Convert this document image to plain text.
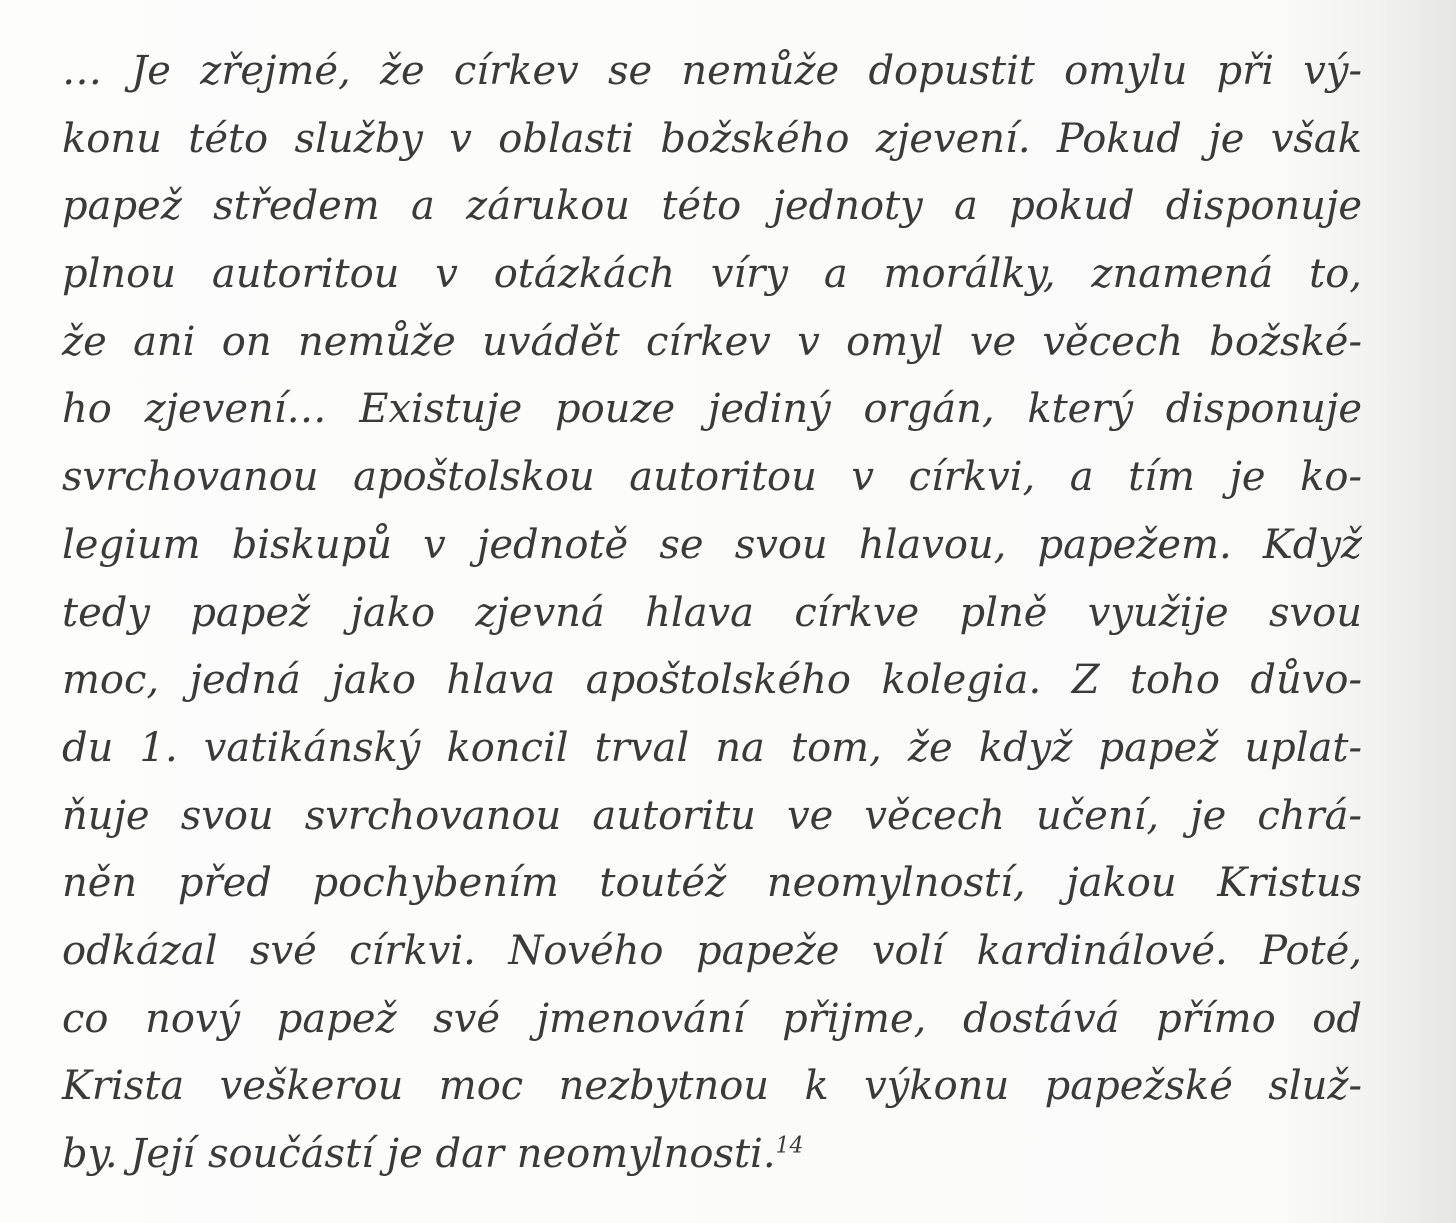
… Je zřejmé, že církev se nemůže dopustit omylu při vý-
konu této služby v oblasti božského zjevení. Pokud je však
papež středem a zárukou této jednoty a pokud disponuje
plnou autoritou v otázkách víry a morálky, znamená to,
že ani on nemůže uvádět církev v omyl ve věcech božské-
ho zjevení… Existuje pouze jediný orgán, který disponuje
svrchovanou apoštolskou autoritou v církvi, a tím je ko-
legium biskupů v jednotě se svou hlavou, papežem. Když
tedy papež jako zjevná hlava církve plně využije svou
moc, jedná jako hlava apoštolského kolegia. Z toho důvo-
du 1. vatikánský koncil trval na tom, že když papež uplat-
ňuje svou svrchovanou autoritu ve věcech učení, je chrá-
něn před pochybením toutéž neomylností, jakou Kristus
odkázal své církvi. Nového papeže volí kardinálové. Poté,
co nový papež své jmenování přijme, dostává přímo od
Krista veškerou moc nezbytnou k výkonu papežské služ-
by. Její součástí je dar neomylnosti.$^{14}$
